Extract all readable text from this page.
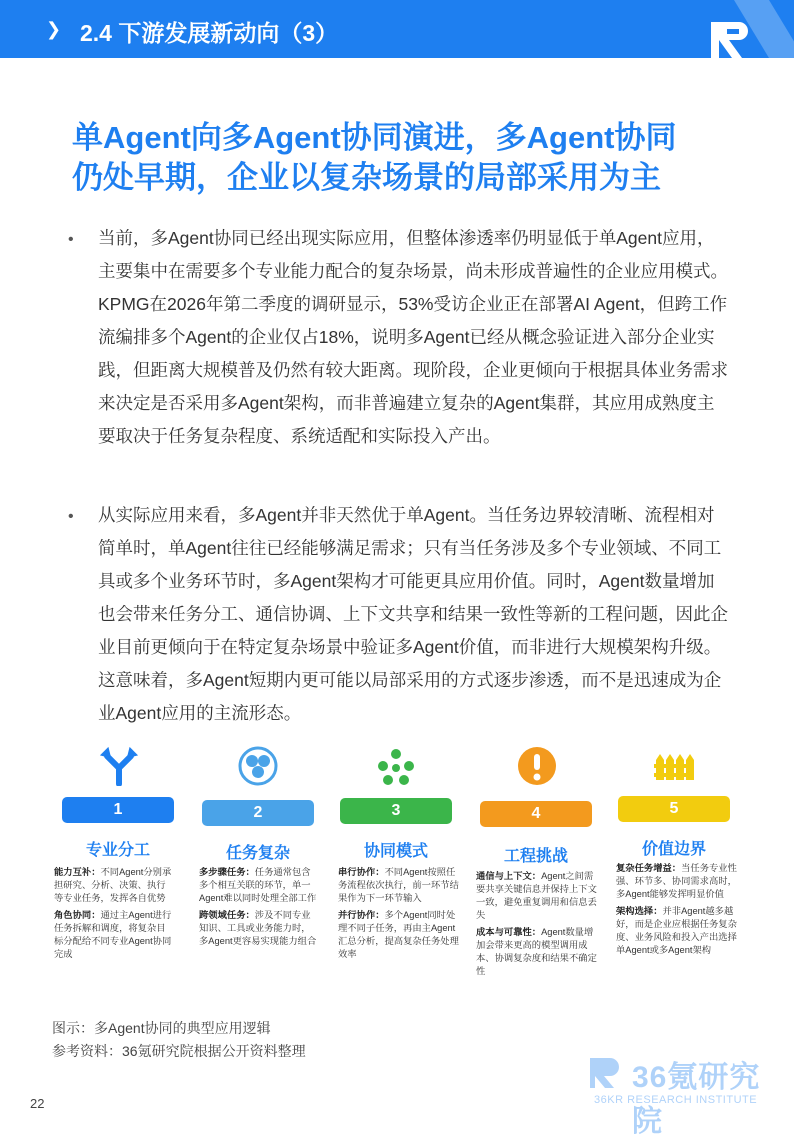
❯ 2.4 下游发展新动向（3）
单Agent向多Agent协同演进，多Agent协同
仍处早期，企业以复杂场景的局部采用为主
• 当前，多Agent协同已经出现实际应用，但整体渗透率仍明显低于单Agent应用，主要集中在需要多个专业能力配合的复杂场景，尚未形成普遍性的企业应用模式。KPMG在2026年第二季度的调研显示，53%受访企业正在部署AI Agent，但跨工作流编排多个Agent的企业仅占18%，说明多Agent已经从概念验证进入部分企业实践，但距离大规模普及仍然有较大距离。现阶段，企业更倾向于根据具体业务需求来决定是否采用多Agent架构，而非普遍建立复杂的Agent集群，其应用成熟度主要取决于任务复杂程度、系统适配和实际投入产出。

• 从实际应用来看，多Agent并非天然优于单Agent。当任务边界较清晰、流程相对简单时，单Agent往往已经能够满足需求；只有当任务涉及多个专业领域、不同工具或多个业务环节时，多Agent架构才可能更具应用价值。同时，Agent数量增加也会带来任务分工、通信协调、上下文共享和结果一致性等新的工程问题，因此企业目前更倾向于在特定复杂场景中验证多Agent价值，而非进行大规模架构升级。这意味着，多Agent短期内更可能以局部采用的方式逐步渗透，而不是迅速成为企业Agent应用的主流形态。

1
专业分工

能力互补：不同Agent分别承担研究、分析、决策、执行等专业任务，发挥各自优势

角色协同：通过主Agent进行任务拆解和调度，将复杂目标分配给不同专业Agent协同完成

2
任务复杂

多步骤任务：任务通常包含多个相互关联的环节，单一Agent难以同时处理全部工作

跨领域任务：涉及不同专业知识、工具或业务能力时，多Agent更容易实现能力组合

3
协同模式

串行协作：不同Agent按照任务流程依次执行，前一环节结果作为下一环节输入

并行协作：多个Agent同时处理不同子任务，再由主Agent汇总分析，提高复杂任务处理效率

4
工程挑战

通信与上下文：Agent之间需要共享关键信息并保持上下文一致，避免重复调用和信息丢失

成本与可靠性：Agent数量增加会带来更高的模型调用成本、协调复杂度和结果不确定性

5
价值边界

复杂任务增益：当任务专业性强、环节多、协同需求高时，多Agent能够发挥明显价值

架构选择：并非Agent越多越好，而是企业应根据任务复杂度、业务风险和投入产出选择单Agent或多Agent架构

图示：多Agent协同的典型应用逻辑
参考资料：36氪研究院根据公开资料整理
36氪研究院
36KR RESEARCH INSTITUTE
22
